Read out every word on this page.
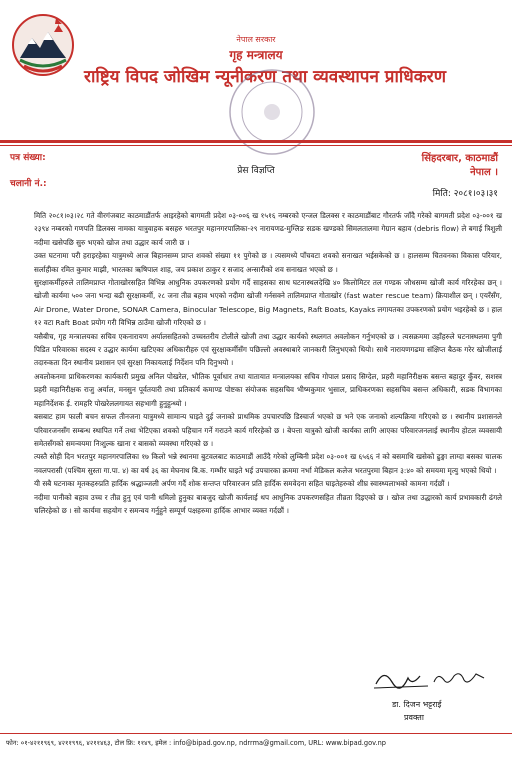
नेपाल सरकार
गृह मन्त्रालय
राष्ट्रिय विपद जोखिम न्यूनीकरण तथा व्यवस्थापन प्राधिकरण
पत्र संख्या:
चलानी नं.:
सिंहदरबार, काठमाडौं
नेपाल ।
प्रेस विज्ञप्ति
मिति: २०८१।०३।३१

मिति २०८१।०३।२८ गते वीरगंजबाट काठमाडौंतर्फ आइरहेको बागमती प्रदेश ०३-००६ ख १५१६ नम्बरको एन्जल डिलक्स र काठमाडौंबाट गौरतर्फ जाँदै गरेको बागमती प्रदेश ०३-००१ ख २३९४ नम्बरको गणपति डिलक्स नामका यात्रुवाहक बसहरु भरतपुर महानगरपालिका-२९ नारायणढ-मुग्लिङ सडक खण्डको सिमलतालमा गेग्रान बहाव (debris flow) ले बगाई त्रिशुली नदीमा खसेपछि सुरु भएको खोज तथा उद्धार कार्य जारी छ ।

उक्त घटनामा परी हराइरहेका यात्रुमध्ये आज बिहानसम्म प्राप्त शवको संख्या ११ पुगेको छ । त्यसमध्ये पाँचवटा शवको सनाखत भईसकेको छ । हालसम्म चितवनका विकास परियार, सर्लाहीका रमित कुमार माझी, भारतका ऋषिपाल शाह, जय प्रकाश ठाकुर र सजाद अन्सारीको शव सनाखत भएको छ ।

सुरक्षाकर्मीहरुले तालिमप्राप्त गोताखोरसहित विभिन्न आधुनिक उपकरणको प्रयोग गर्दै साहसका साथ घटनास्थलदेखि ४० किलोमिटर तल गण्डक जौधसम्म खोजी कार्य गरिरहेका छन् । खोजी कार्यमा ५०० जना भन्दा बढी सुरक्षाकर्मी, २८ जना तीव्र बहाव भएको नदीमा खोजी गर्नसक्ने तालिमप्राप्त गोताखोर (fast water rescue team) क्रियाशील छन् । एयरँसँग, Air Drone, Water Drone, SONAR Camera, Binocular Telescope, Big Magnets, Raft Boats, Kayaks लगायतका उपकरणको प्रयोग भइरहेको छ । हाल १२ वटा Raft Boat प्रयोग गरी विभिन्न ठाउँमा खोजी गरिएको छ ।

यसैबीच, गृह मन्त्रालयका सचिव एकनारायण अर्यालसहितको उच्चस्तरीय टोलीले खोजी तथा उद्धार कार्यको स्थलगत अवलोकन गर्नुभएको छ । त्यसक्रममा उहाँहरुले घटनास्थलमा पुगी पिडित परिवारका सदस्य र उद्धार कार्यमा खटिएका अधिकारीहरु एवं सुरक्षाकर्मीसँग पछिल्लो अवस्थाबारे जानकारी लिनुभएको थियो। साथै नारायणगढमा संक्षिप्त बैठक गरेर खोजीलाई तदारुकता दिन स्थानीय प्रशासन एवं सुरक्षा निकायलाई निर्देशन पनि दिनुभयो ।

अवलोकनमा प्राधिकरणका कार्यकारी प्रमुख अनिल पोखरेल, भौतिक पूर्वाधार तथा यातायात मन्त्रालयका सचिव गोपाल प्रसाद सिग्देल, प्रहरी महानिरीक्षक बसन्त बहादुर कुँवर, सशस्त्र प्रहरी महानिरीक्षक राजु अर्याल, मनसुन पूर्वतयारी तथा प्रतिकार्य कमाण्ड पोष्टका संयोजक सहसचिव भीष्मकुमार भुसाल, प्राधिकरणका सहसचिव बसन्त अधिकारी, सडक विभागका महानिर्देशक ई. रामहरि पोखरेललगायत सहभागी हुनुहुन्थ्यो ।

बसबाट हाम फाली बचन सफल तीनजना यात्रुमध्ये सामान्य घाइते दुई जनाको प्राथमिक उपचारपछि डिस्चार्ज भएको छ भने एक जनाको शल्यक्रिया गरिएको छ । स्थानीय प्रशासनले परिवारजनसँग सम्बन्ध स्थापित गर्ने तथा भेटिएका शवको पहिचान गर्ने गराउने कार्य गरिरहेको छ । बेपत्ता यात्रुको खोजी कार्यका लागि आएका परिवारजनलाई स्थानीय होटल व्यवसायी समेतसँगको समन्वयमा निःशुल्क खाना र बासको व्यवस्था गरिएको छ ।

त्यस्तै सोही दिन भरतपुर महानगरपालिका १७ किलो भन्ने स्थानमा बुटवलबाट काठमाडौं आउँदै गरेको लुम्बिनी प्रदेश ०३-००१ ख ६५६६ नं को बसमाथि खसेको ढुङ्गा लाग्दा बसका चालक नवलपरासी (पश्चिम सुस्ता गा.पा. ४) का वर्ष ३६ का मेघनाथ बि.क. गम्भीर घाइते भई उपचारका क्रममा नर्भा मेडिकल कलेज भरतपुरमा बिहान ३:४० को समयमा मृत्यु भएको थियो ।

यी सबै घटनाका मृतकहरुप्रति हार्दिक श्रद्धाञ्जली अर्पण गर्दै शोक सन्तप्त परिवारजन प्रति हार्दिक समवेदना सहित घाइतेहरुको शीघ्र स्वास्थ्यलाभको कामना गर्दछौं ।

नदीमा पानीको बहाव उच्च र तीव्र हुनु एवं पानी धमिलो हुनुका बाबजुद खोजी कार्यलाई थप आधुनिक उपकरणसहित तीव्रता दिइएको छ । खोज तथा उद्धारको कार्य प्रभावकारी ढंगले चलिरहेको छ । सो कार्यमा सहयोग र समन्वय गर्नुहुने सम्पूर्ण पक्षहरुमा हार्दिक आभार व्यक्त गर्दछौं ।

डा. दिजन भट्टराई
प्रवक्ता
फोन: ०१-४२११९६९, ४२११९९६, ४२११४६३, टोल फ्रि: ११४९, इमेल : info@bipad.gov.np, ndrrma@gmail.com, URL: www.bipad.gov.np
